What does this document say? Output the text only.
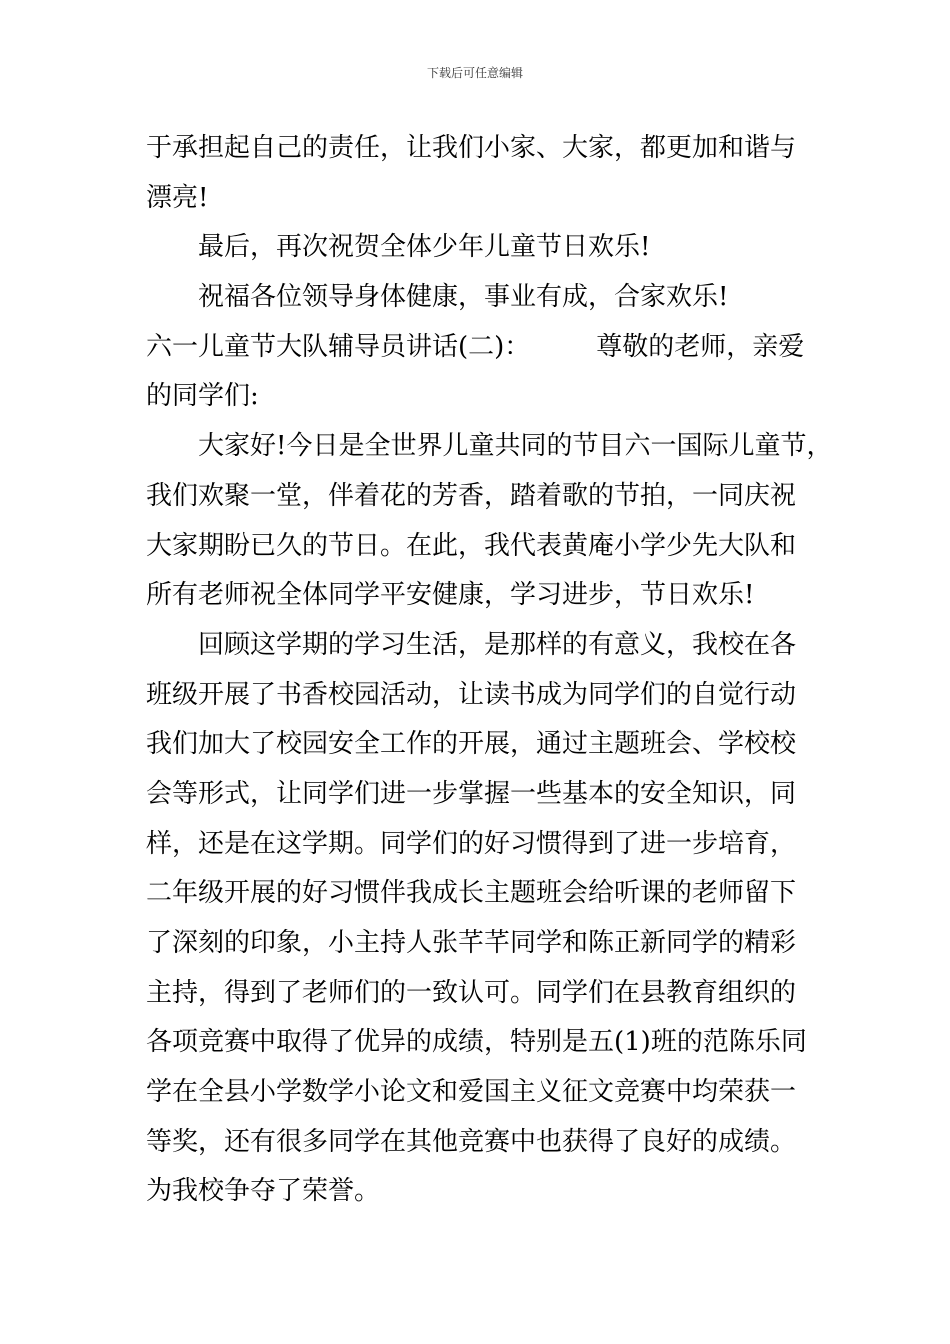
下载后可任意编辑
于承担起自己的责任，让我们小家、大家，都更加和谐与
漂亮!
最后，再次祝贺全体少年儿童节日欢乐!
祝福各位领导身体健康，事业有成，合家欢乐!
六一儿童节大队辅导员讲话(二)：	尊敬的老师，亲爱
的同学们:
大家好!今日是全世界儿童共同的节目六一国际儿童节，
我们欢聚一堂，伴着花的芳香，踏着歌的节拍，一同庆祝
大家期盼已久的节日。在此，我代表黄庵小学少先大队和
所有老师祝全体同学平安健康，学习进步，节日欢乐!
回顾这学期的学习生活，是那样的有意义，我校在各
班级开展了书香校园活动，让读书成为同学们的自觉行动
我们加大了校园安全工作的开展，通过主题班会、学校校
会等形式，让同学们进一步掌握一些基本的安全知识，同
样，还是在这学期。同学们的好习惯得到了进一步培育，
二年级开展的好习惯伴我成长主题班会给听课的老师留下
了深刻的印象，小主持人张芊芊同学和陈正新同学的精彩
主持，得到了老师们的一致认可。同学们在县教育组织的
各项竞赛中取得了优异的成绩，特别是五(1)班的范陈乐同
学在全县小学数学小论文和爱国主义征文竞赛中均荣获一
等奖，还有很多同学在其他竞赛中也获得了良好的成绩。
为我校争夺了荣誉。
